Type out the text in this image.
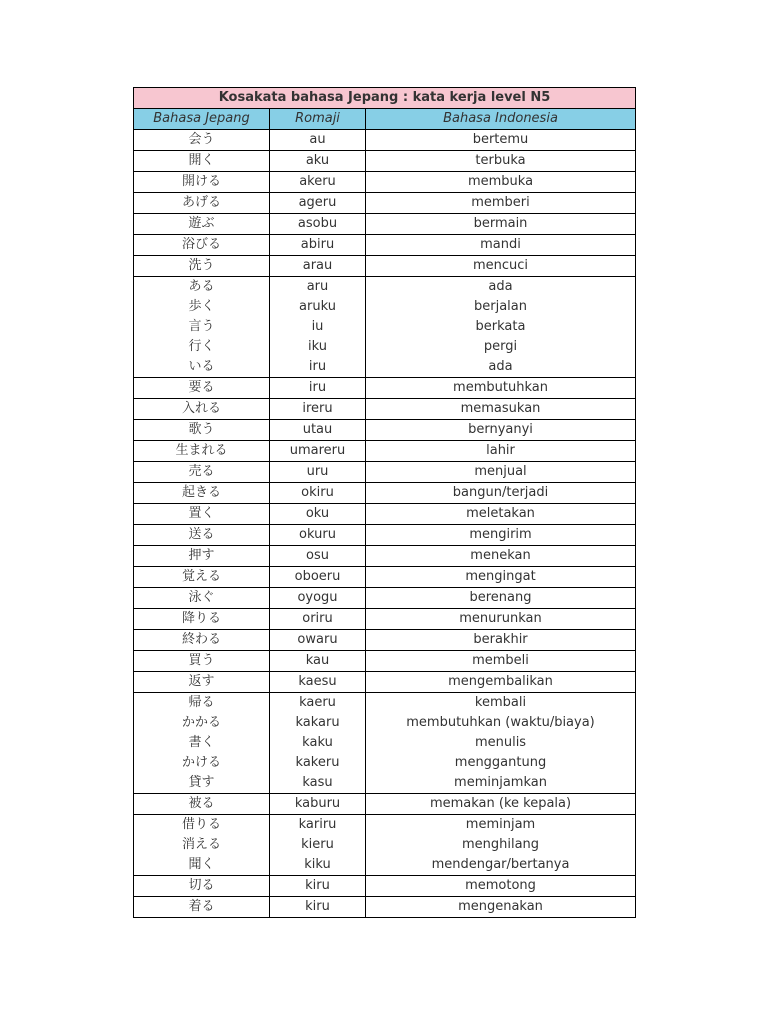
Kosakata bahasa Jepang : kata kerja level N5		
Bahasa Jepang	Romaji	Bahasa Indonesia
会う	au	bertemu
開く	aku	terbuka
開ける	akeru	membuka
あげる	ageru	memberi
遊ぶ	asobu	bermain
浴びる	abiru	mandi
洗う	arau	mencuci
ある	aru	ada
歩く	aruku	berjalan
言う	iu	berkata
行く	iku	pergi
いる	iru	ada
要る	iru	membutuhkan
入れる	ireru	memasukan
歌う	utau	bernyanyi
生まれる	umareru	lahir
売る	uru	menjual
起きる	okiru	bangun/terjadi
置く	oku	meletakan
送る	okuru	mengirim
押す	osu	menekan
覚える	oboeru	mengingat
泳ぐ	oyogu	berenang
降りる	oriru	menurunkan
終わる	owaru	berakhir
買う	kau	membeli
返す	kaesu	mengembalikan
帰る	kaeru	kembali
かかる	kakaru	membutuhkan (waktu/biaya)
書く	kaku	menulis
かける	kakeru	menggantung
貸す	kasu	meminjamkan
被る	kaburu	memakan (ke kepala)
借りる	kariru	meminjam
消える	kieru	menghilang
聞く	kiku	mendengar/bertanya
切る	kiru	memotong
着る	kiru	mengenakan
